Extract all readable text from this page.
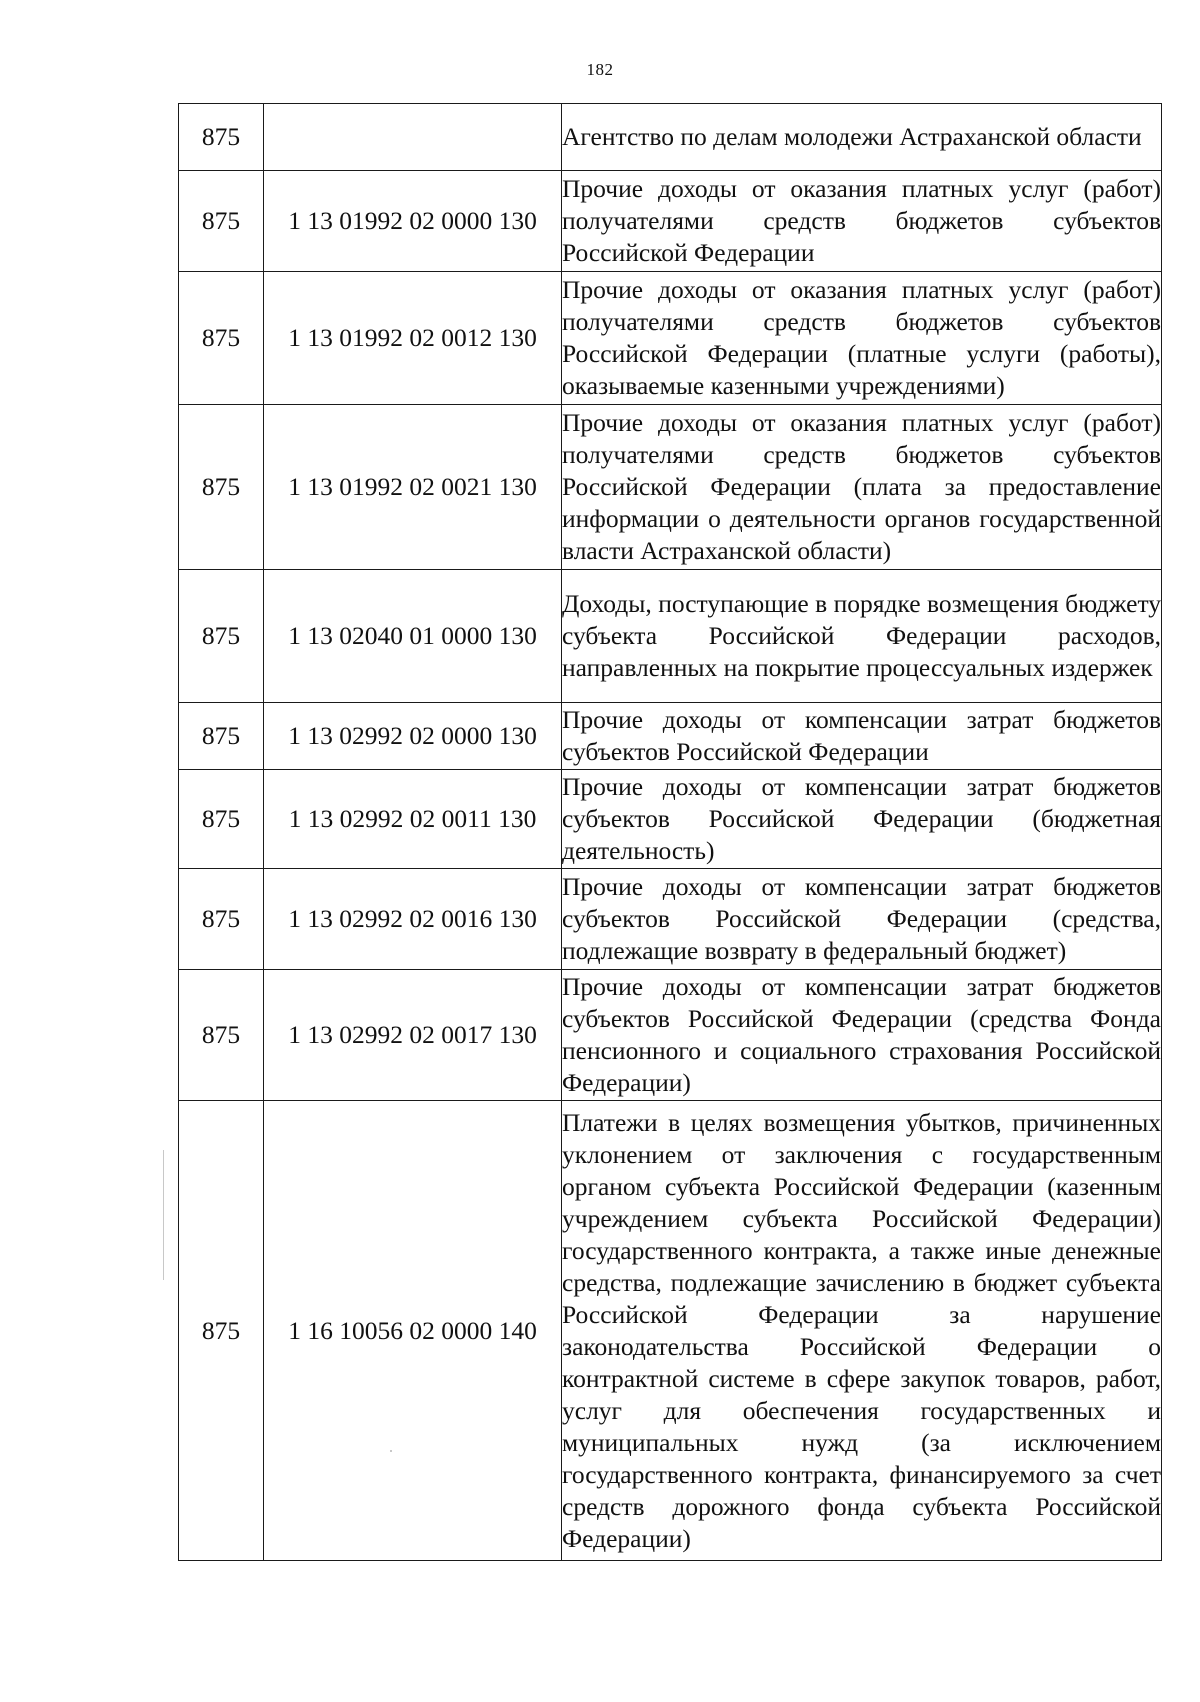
182
875		Агентство по делам молодежи Астраханской области
875	1 13 01992 02 0000 130	Прочие доходы от оказания платных услуг (работ) получателями средств бюджетов субъектов Российской Федерации
875	1 13 01992 02 0012 130	Прочие доходы от оказания платных услуг (работ) получателями средств бюджетов субъектов Российской Федерации (платные услуги (работы), оказываемые казенными учреждениями)
875	1 13 01992 02 0021 130	Прочие доходы от оказания платных услуг (работ) получателями средств бюджетов субъектов Российской Федерации (плата за предоставление информации о деятельности органов государственной власти Астраханской области)
875	1 13 02040 01 0000 130	Доходы, поступающие в порядке возмещения бюджету субъекта Российской Федерации расходов, направленных на покрытие процессуальных издержек
875	1 13 02992 02 0000 130	Прочие доходы от компенсации затрат бюджетов субъектов Российской Федерации
875	1 13 02992 02 0011 130	Прочие доходы от компенсации затрат бюджетов субъектов Российской Федерации (бюджетная деятельность)
875	1 13 02992 02 0016 130	Прочие доходы от компенсации затрат бюджетов субъектов Российской Федерации (средства, подлежащие возврату в федеральный бюджет)
875	1 13 02992 02 0017 130	Прочие доходы от компенсации затрат бюджетов субъектов Российской Федерации (средства Фонда пенсионного и социального страхования Российской Федерации)
875	1 16 10056 02 0000 140	Платежи в целях возмещения убытков, причиненных уклонением от заключения с государственным органом субъекта Российской Федерации (казенным учреждением субъекта Российской Федерации) государственного контракта, а также иные денежные средства, подлежащие зачислению в бюджет субъекта Российской Федерации за нарушение законодательства Российской Федерации о контрактной системе в сфере закупок товаров, работ, услуг для обеспечения государственных и муниципальных нужд (за исключением государственного контракта, финансируемого за счет средств дорожного фонда субъекта Российской Федерации)
